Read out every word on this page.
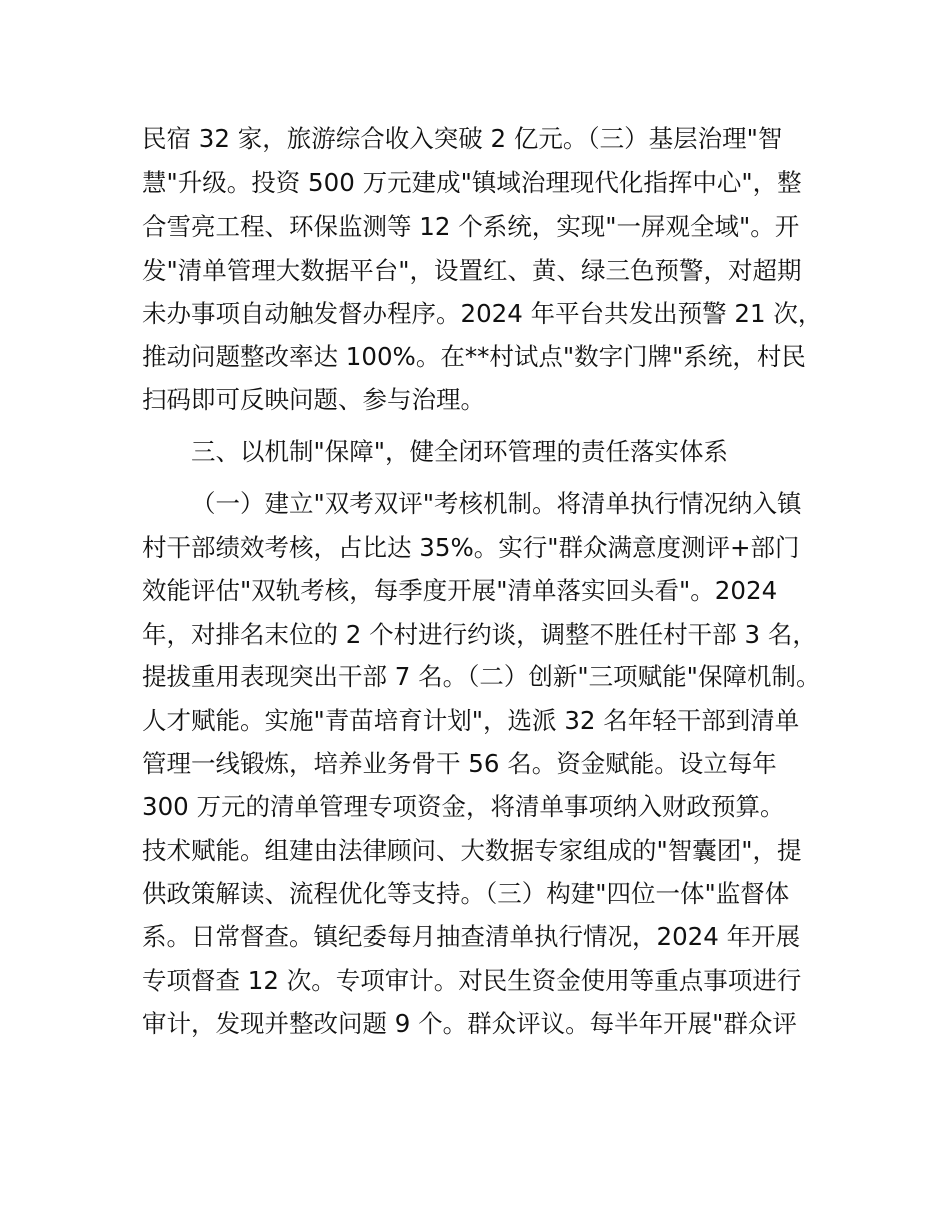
民宿 32 家，旅游综合收入突破 2 亿元。（三）基层治理"智

慧"升级。投资 500 万元建成"镇域治理现代化指挥中心"，整

合雪亮工程、环保监测等 12 个系统，实现"一屏观全域"。开

发"清单管理大数据平台"，设置红、黄、绿三色预警，对超期

未办事项自动触发督办程序。2024 年平台共发出预警 21 次，

推动问题整改率达 100%。在**村试点"数字门牌"系统，村民

扫码即可反映问题、参与治理。

三、以机制"保障"，健全闭环管理的责任落实体系

（一）建立"双考双评"考核机制。将清单执行情况纳入镇

村干部绩效考核，占比达 35%。实行"群众满意度测评+部门

效能评估"双轨考核，每季度开展"清单落实回头看"。2024

年，对排名末位的 2 个村进行约谈，调整不胜任村干部 3 名，

提拔重用表现突出干部 7 名。（二）创新"三项赋能"保障机制。

人才赋能。实施"青苗培育计划"，选派 32 名年轻干部到清单

管理一线锻炼，培养业务骨干 56 名。资金赋能。设立每年

300 万元的清单管理专项资金，将清单事项纳入财政预算。

技术赋能。组建由法律顾问、大数据专家组成的"智囊团"，提

供政策解读、流程优化等支持。（三）构建"四位一体"监督体

系。日常督查。镇纪委每月抽查清单执行情况，2024 年开展

专项督查 12 次。专项审计。对民生资金使用等重点事项进行

审计，发现并整改问题 9 个。群众评议。每半年开展"群众评
